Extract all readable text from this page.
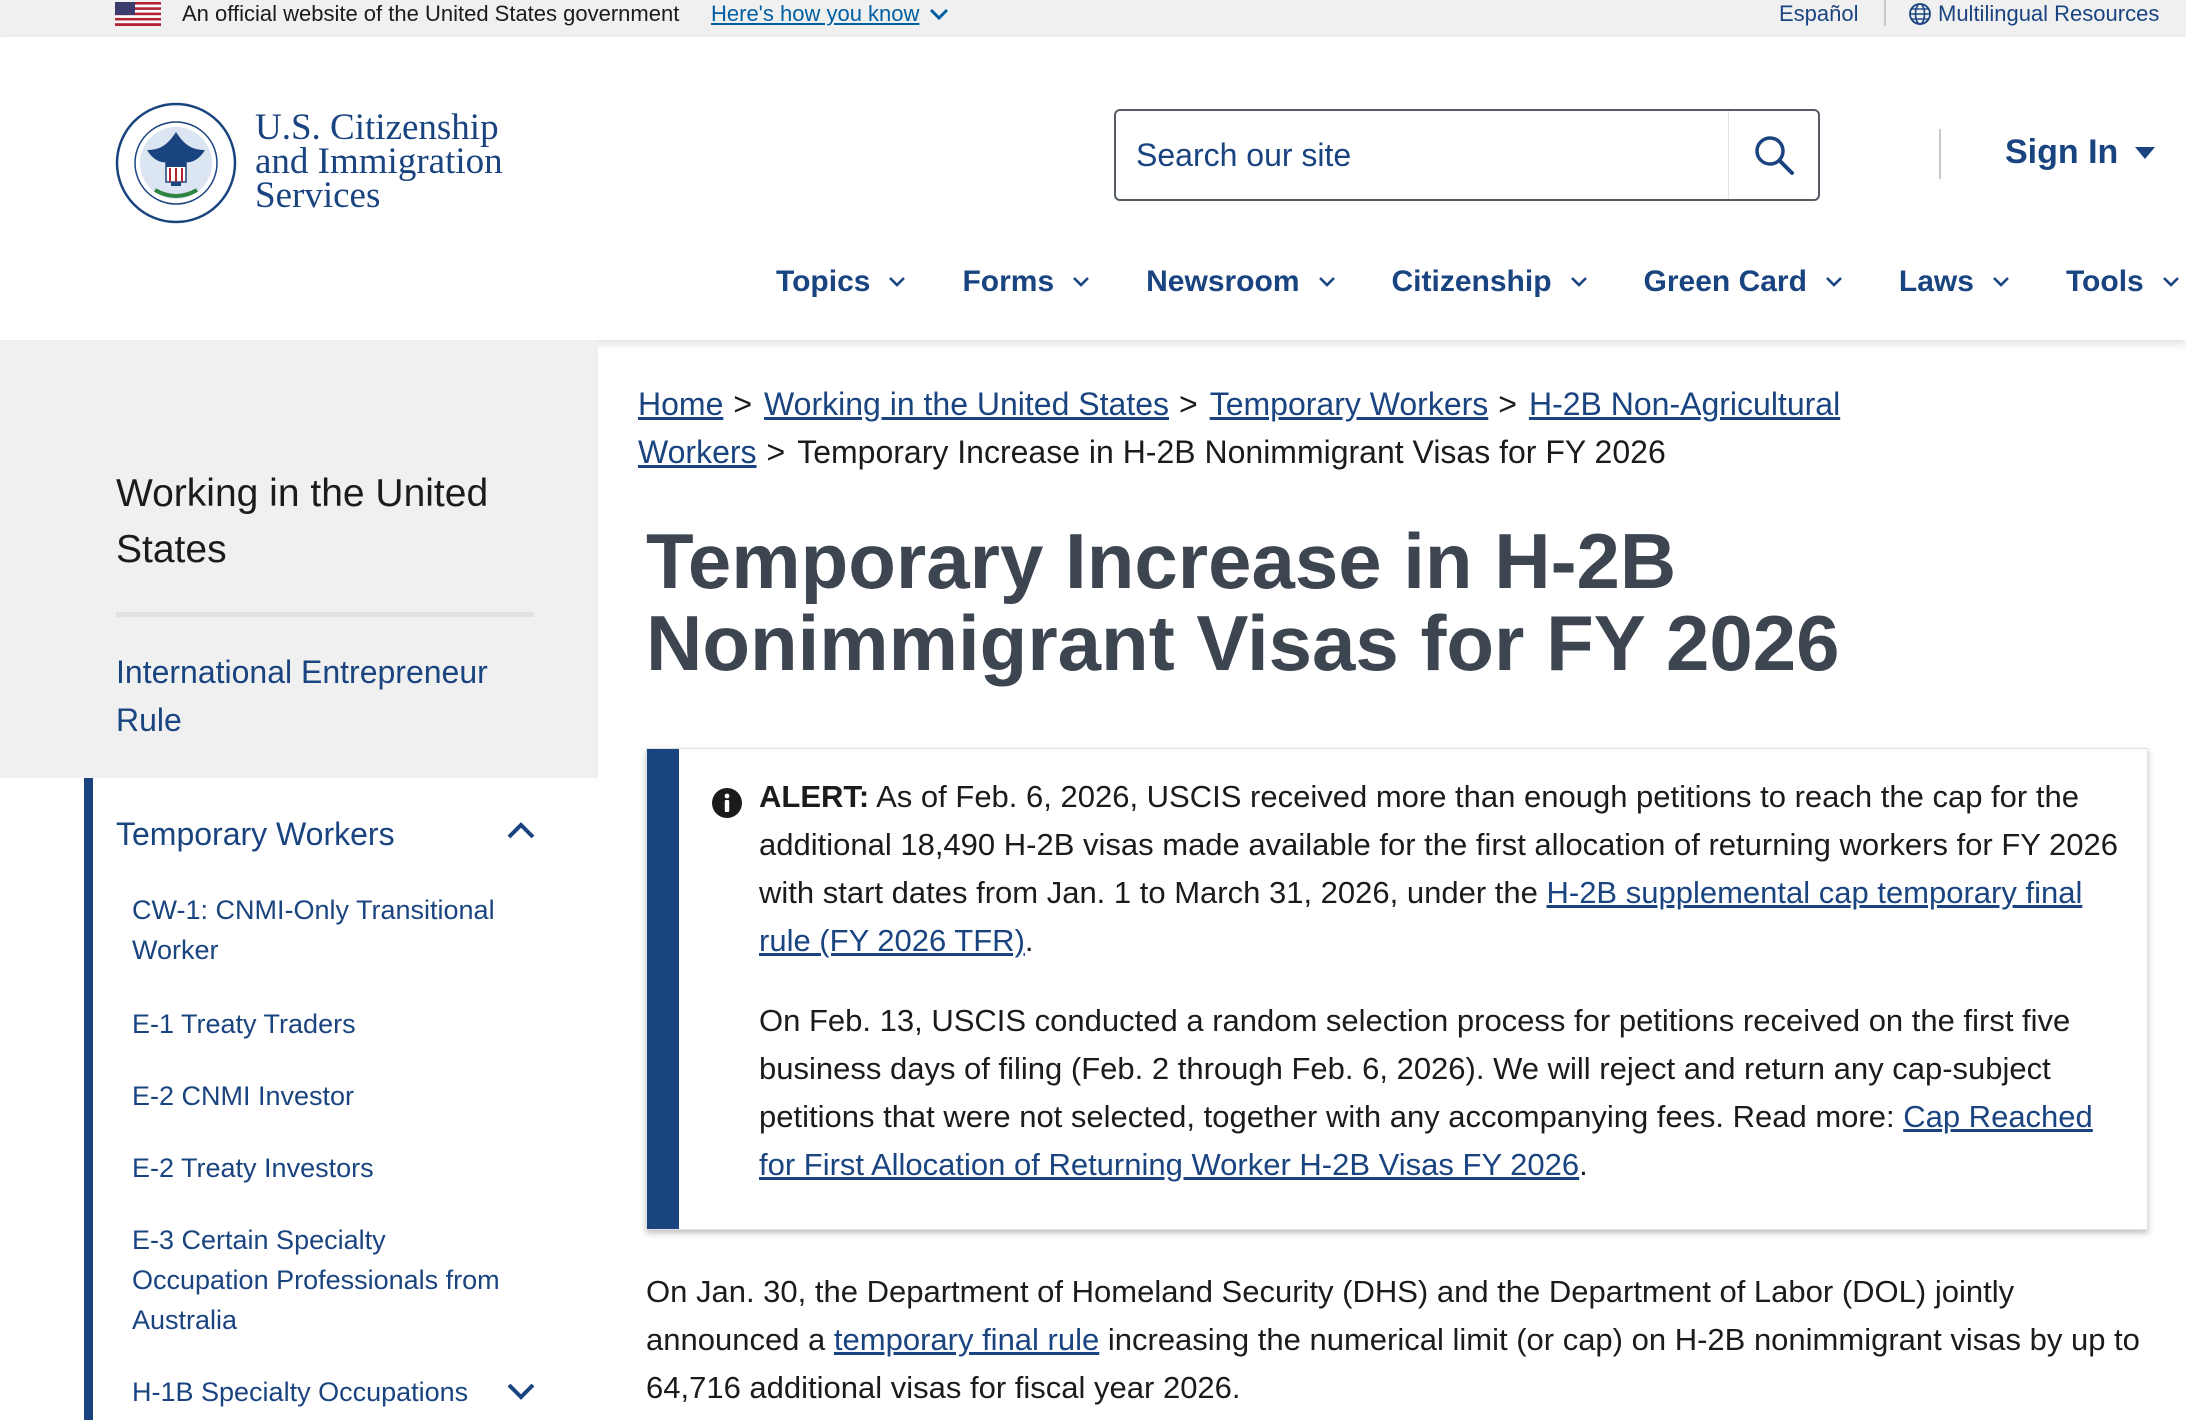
An official website of the United States government Here's how you know	Español	Multilingual Resources
U.S. Citizenship
and Immigration
Services
Search our site
Sign In
Topics	Forms	Newsroom	Citizenship	Green Card	Laws	Tools
Working in the United States
International Entrepreneur Rule
Temporary Workers
CW-1: CNMI-Only Transitional Worker
E-1 Treaty Traders
E-2 CNMI Investor
E-2 Treaty Investors
E-3 Certain Specialty Occupation Professionals from Australia
H-1B Specialty Occupations
Home > Working in the United States > Temporary Workers > H-2B Non-Agricultural Workers > Temporary Increase in H-2B Nonimmigrant Visas for FY 2026
Temporary Increase in H-2B Nonimmigrant Visas for FY 2026

ALERT: As of Feb. 6, 2026, USCIS received more than enough petitions to reach the cap for the additional 18,490 H-2B visas made available for the first allocation of returning workers for FY 2026 with start dates from Jan. 1 to March 31, 2026, under the H-2B supplemental cap temporary final rule (FY 2026 TFR).

On Feb. 13, USCIS conducted a random selection process for petitions received on the first five business days of filing (Feb. 2 through Feb. 6, 2026). We will reject and return any cap-subject petitions that were not selected, together with any accompanying fees. Read more: Cap Reached for First Allocation of Returning Worker H-2B Visas FY 2026.

On Jan. 30, the Department of Homeland Security (DHS) and the Department of Labor (DOL) jointly announced a temporary final rule increasing the numerical limit (or cap) on H-2B nonimmigrant visas by up to 64,716 additional visas for fiscal year 2026.
